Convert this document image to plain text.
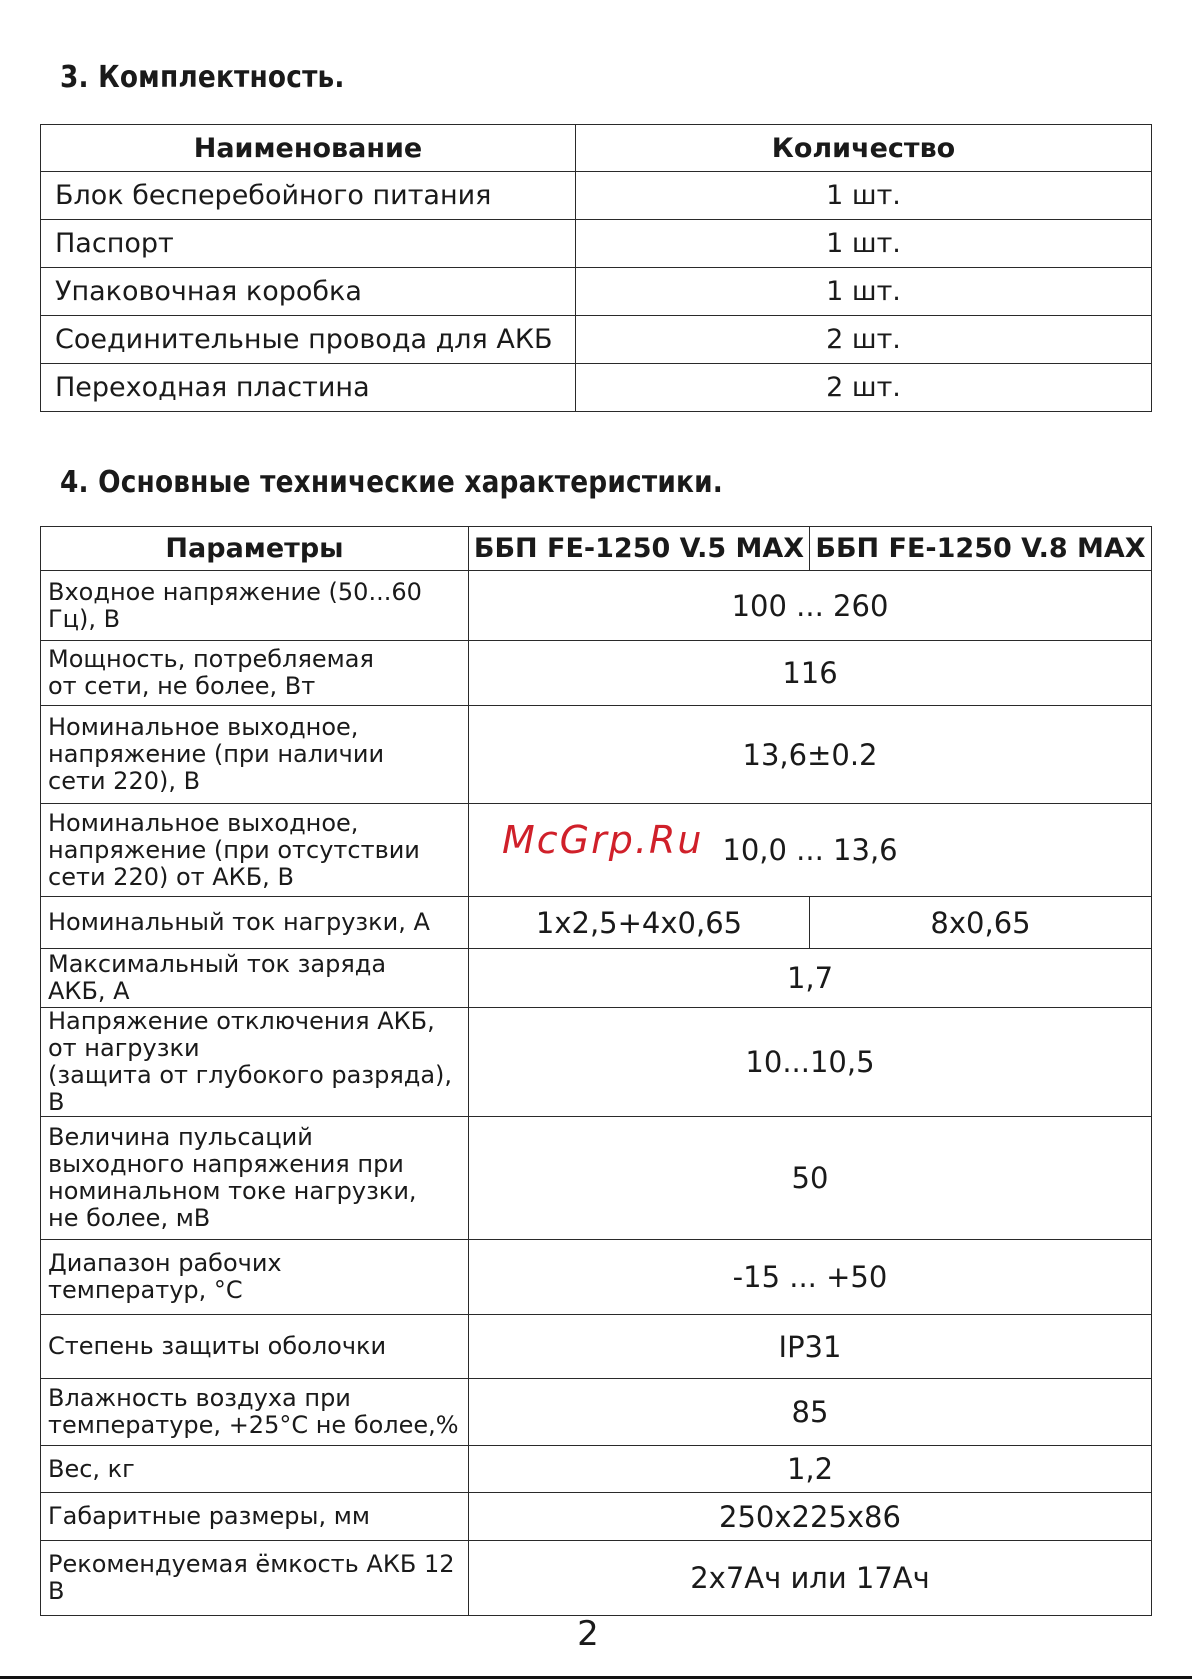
3. Комплектность.
Наименование	Количество
Блок бесперебойного питания	1 шт.
Паспорт	1 шт.
Упаковочная коробка	1 шт.
Соединительные провода для АКБ	2 шт.
Переходная пластина	2 шт.
4. Основные технические характеристики.
Параметры	ББП FE-1250 V.5 MAX	ББП FE-1250 V.8 MAX

Входное напряжение (50...60 Гц), В	100 ... 260	

Мощность, потребляемая
от сети, не более, Вт	116	

Номинальное выходное,
напряжение (при наличии
сети 220), В	13,6±0.2	

Номинальное выходное,
напряжение (при отсутствии
сети 220) от АКБ, В	10,0 ... 13,6	

Номинальный ток нагрузки, А	1х2,5+4х0,65	8х0,65

Максимальный ток заряда
АКБ, А	1,7	

Напряжение отключения АКБ,
от нагрузки
(защита от глубокого разряда), В	10...10,5	

Величина пульсаций
выходного напряжения при
номинальном токе нагрузки,
не более, мВ	50	

Диапазон рабочих
температур, °С	-15 ... +50	

Степень защиты оболочки	IP31	

Влажность воздуха при
температуре, +25°С не более,%	85	

Вес, кг	1,2	

Габаритные размеры, мм	250х225х86	

Рекомендуемая ёмкость АКБ 12 В	2х7Ач или 17Ач	
McGrp.Ru
2
